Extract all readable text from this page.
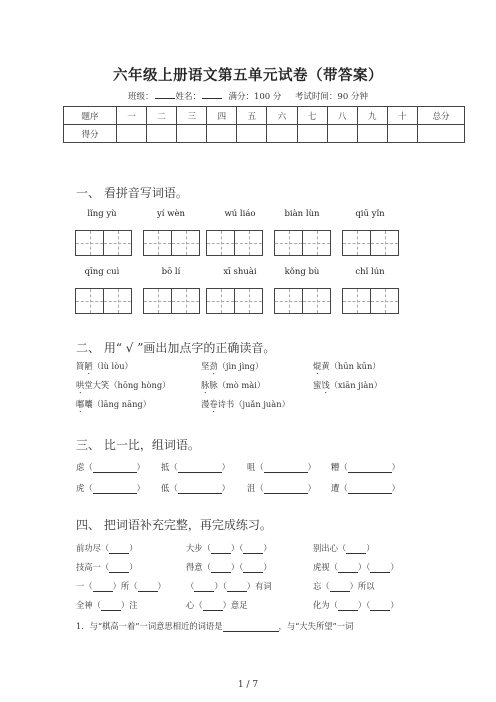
六年级上册语文第五单元试卷（带答案）
班级：	姓名：	满分：100 分 考试时间：90 分钟
题序	一	二	三	四	五	六	七	八	九	十	总分
得分											
一、 看拼音写词语。
lǐng yù	yí wèn	wú liáo	biàn lùn	qiū yǐn
qīng cuì	bō lí	xī shuài	kǒng bù	chǐ lún
二、 用“ √ ”画出加点字的正确读音。
简陋（lù lòu）	坚劲（jìn jìng）	焜黄（hūn kūn）
哄堂大笑（hōng hòng）	脉脉（mò mài）	蜜饯（xiān jiàn）
嘟囔（lāng nāng）	漫卷诗书（juǎn juàn）
三、 比一比，组词语。
虑（	） 抵（	） 咀（	） 糟（	）
虎（	） 低（	） 沮（	） 遭（	）
四、 把词语补充完整，再完成练习。
前功尽（ ）	大步（ ）（ ）	别出心（ ）
技高一（ ）	得意（ ）（ ）	虎视（ ）（ ）
一（ ）所（ ） （ ）（ ）有词	忘（ ）所以
全神（ ）注	心（ ）意足	化为（ ）（ ）
1．与“棋高一着”一词意思相近的词语是	，与“大失所望”一词
1 / 7
